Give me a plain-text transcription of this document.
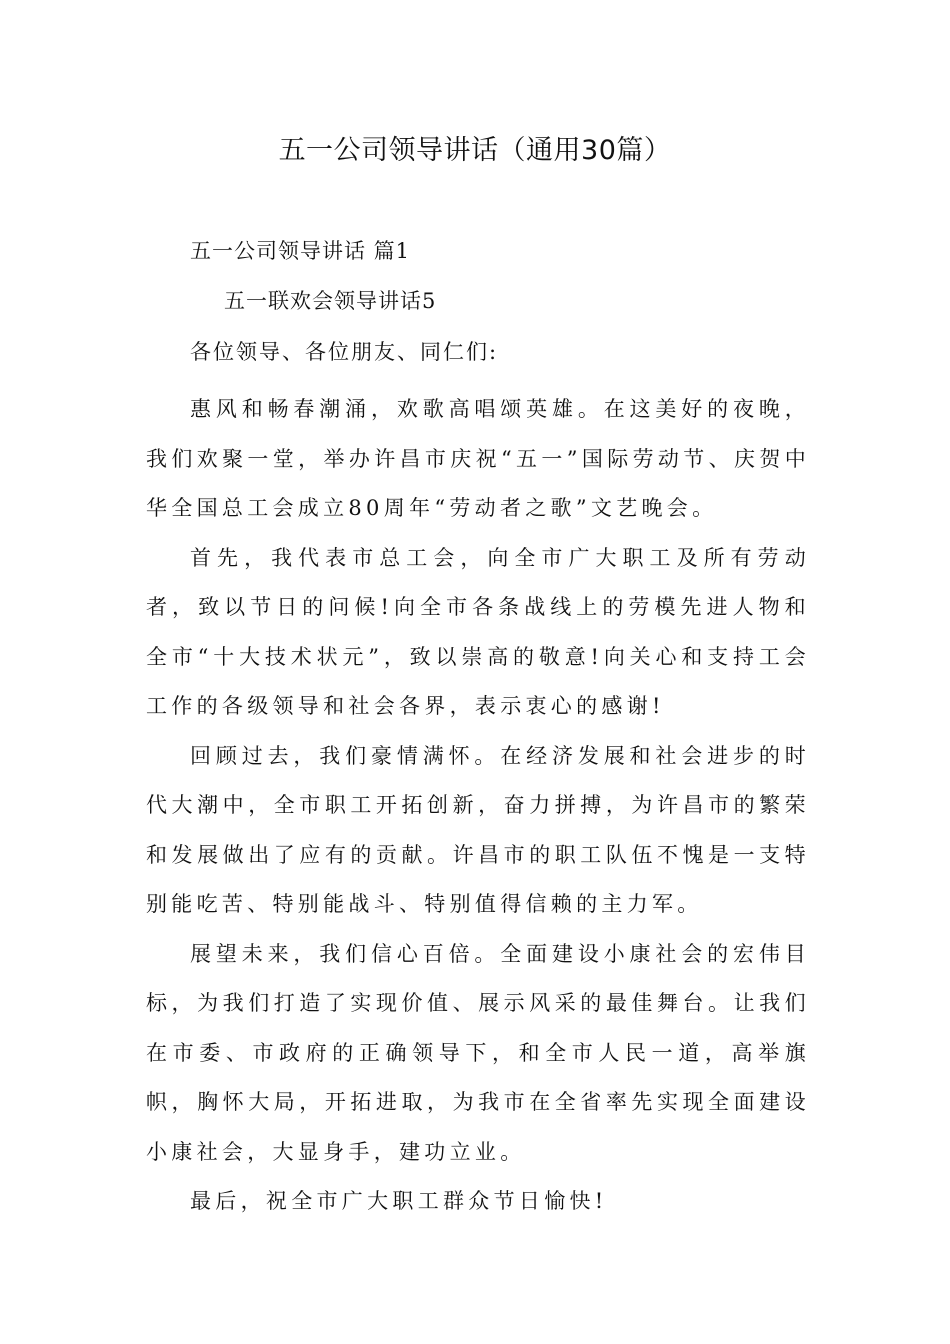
五一公司领导讲话（通用30篇）
五一公司领导讲话 篇1
五一联欢会领导讲话5
各位领导、各位朋友、同仁们:

惠风和畅春潮涌，欢歌高唱颂英雄。在这美好的夜晚，我们欢聚一堂，举办许昌市庆祝“五一”国际劳动节、庆贺中华全国总工会成立80周年“劳动者之歌”文艺晚会。

首先，我代表市总工会，向全市广大职工及所有劳动者，致以节日的问候!向全市各条战线上的劳模先进人物和全市“十大技术状元”，致以崇高的敬意!向关心和支持工会工作的各级领导和社会各界，表示衷心的感谢!

回顾过去，我们豪情满怀。在经济发展和社会进步的时代大潮中，全市职工开拓创新，奋力拼搏，为许昌市的繁荣和发展做出了应有的贡献。许昌市的职工队伍不愧是一支特别能吃苦、特别能战斗、特别值得信赖的主力军。

展望未来，我们信心百倍。全面建设小康社会的宏伟目标，为我们打造了实现价值、展示风采的最佳舞台。让我们在市委、市政府的正确领导下，和全市人民一道，高举旗帜，胸怀大局，开拓进取，为我市在全省率先实现全面建设小康社会，大显身手，建功立业。

最后，祝全市广大职工群众节日愉快!
